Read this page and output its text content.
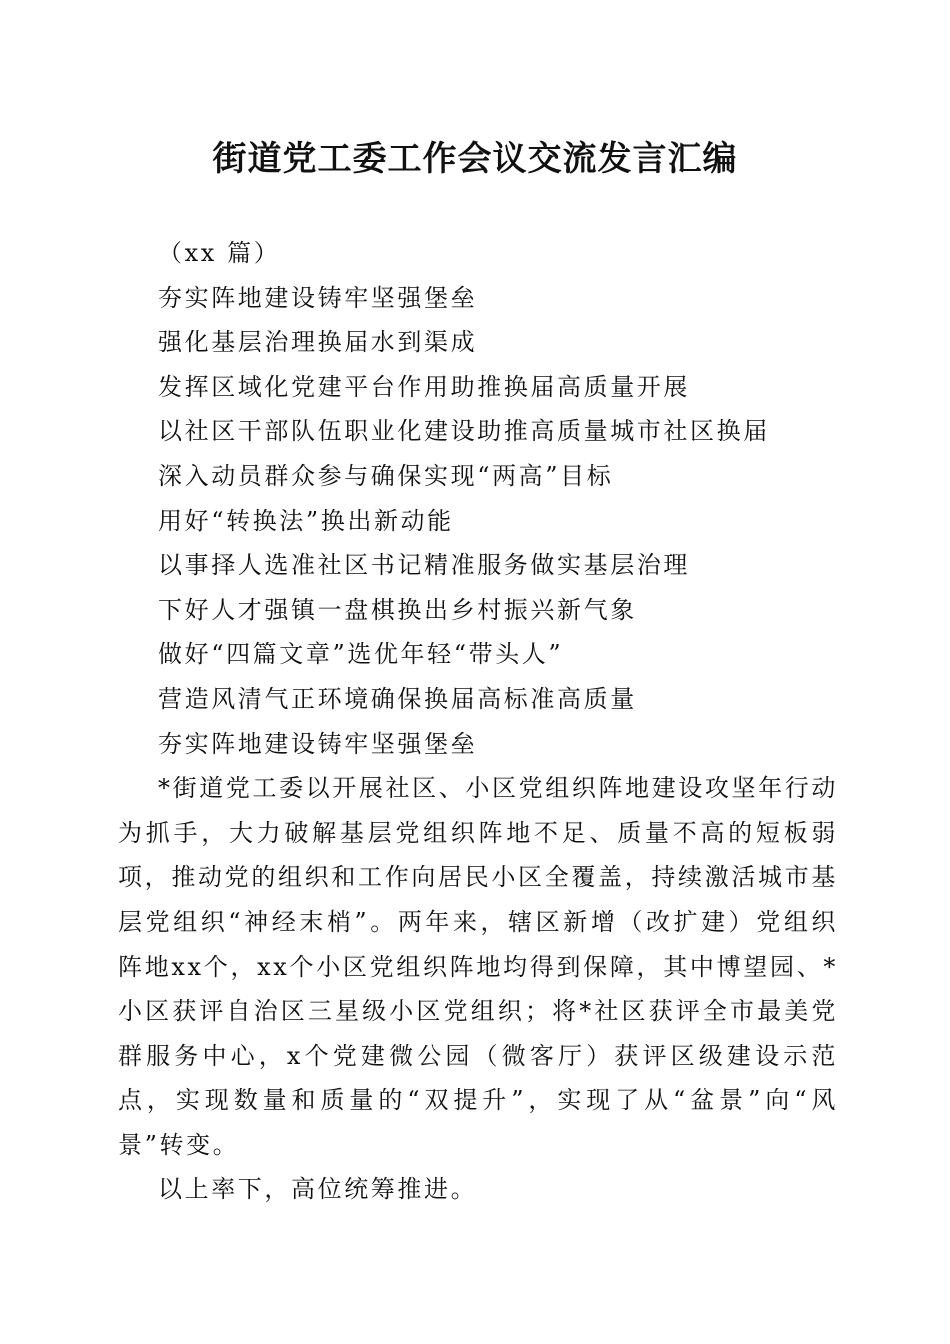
街道党工委工作会议交流发言汇编

（xx 篇）

夯实阵地建设铸牢坚强堡垒

强化基层治理换届水到渠成

发挥区域化党建平台作用助推换届高质量开展

以社区干部队伍职业化建设助推高质量城市社区换届

深入动员群众参与确保实现“两高”目标

用好“转换法”换出新动能

以事择人选准社区书记精准服务做实基层治理

下好人才强镇一盘棋换出乡村振兴新气象

做好“四篇文章”选优年轻“带头人”

营造风清气正环境确保换届高标准高质量

夯实阵地建设铸牢坚强堡垒

*街道党工委以开展社区、小区党组织阵地建设攻坚年行动为抓手，大力破解基层党组织阵地不足、质量不高的短板弱项，推动党的组织和工作向居民小区全覆盖，持续激活城市基层党组织“神经末梢”。两年来，辖区新增（改扩建）党组织阵地xx个，xx个小区党组织阵地均得到保障，其中博望园、*小区获评自治区三星级小区党组织；将*社区获评全市最美党群服务中心，x个党建微公园（微客厅）获评区级建设示范点，实现数量和质量的“双提升”，实现了从“盆景”向“风景”转变。

以上率下，高位统筹推进。
